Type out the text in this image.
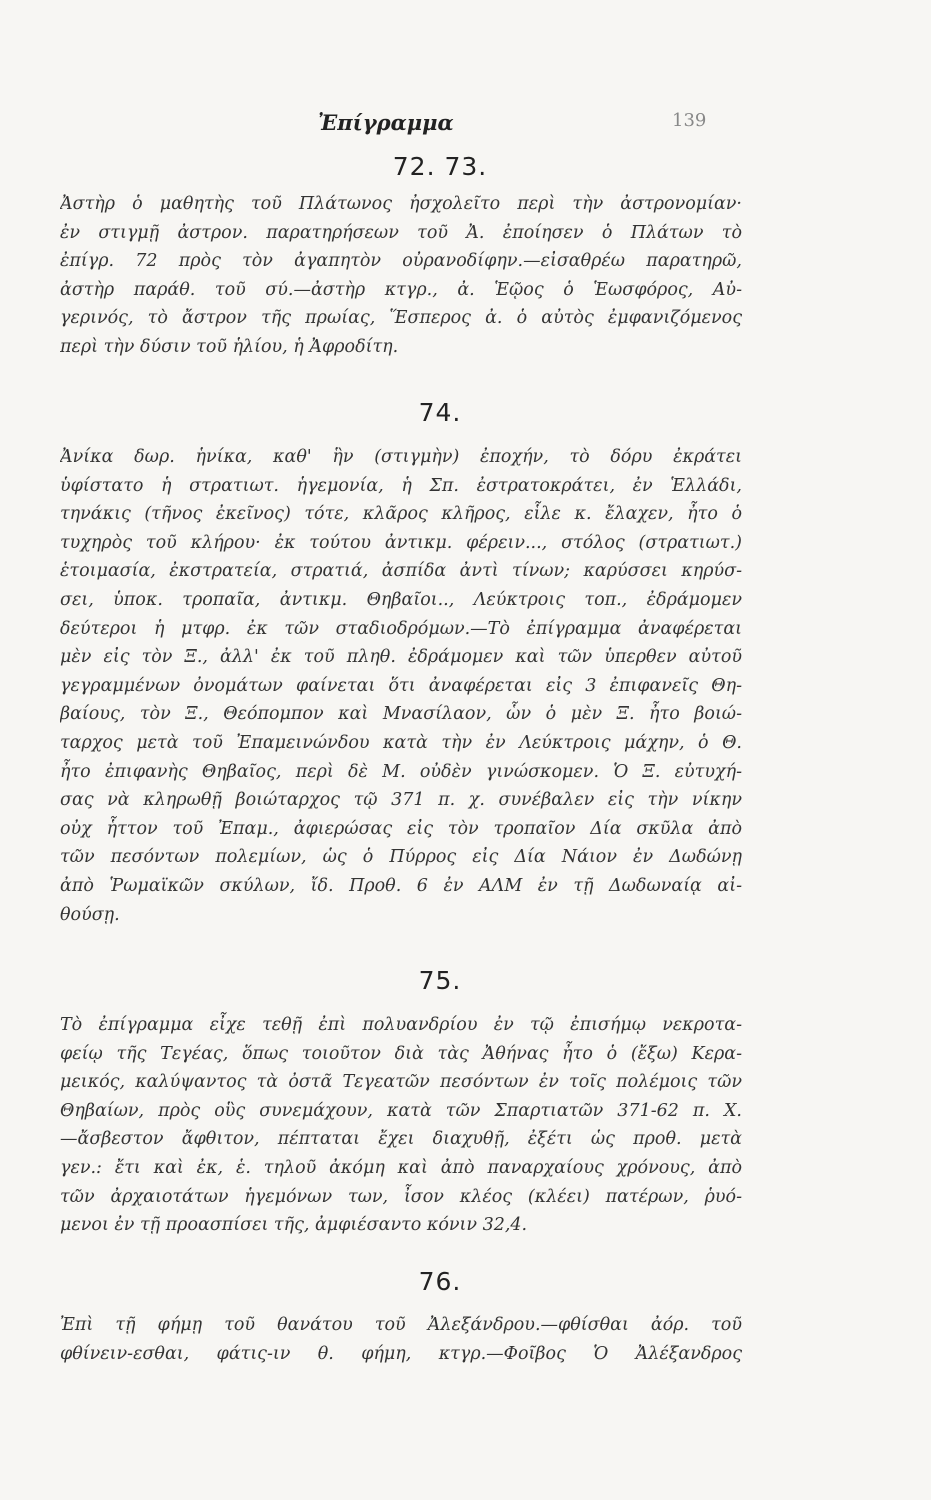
Ἐπίγραμμα	139
72. 73.
Ἀστὴρ ὁ μαθητὴς τοῦ Πλάτωνος ἠσχολεῖτο περὶ τὴν ἀστρονομίαν·
ἐν στιγμῇ ἀστρον. παρατηρήσεων τοῦ Ἀ. ἐποίησεν ὁ Πλάτων τὸ
ἐπίγρ. 72 πρὸς τὸν ἀγαπητὸν οὐρανοδίφην.—εἰσαθρέω παρατηρῶ,
ἀστὴρ παράθ. τοῦ σύ.—ἀστὴρ κτγρ., ἀ. Ἑῷος ὁ Ἑωσφόρος, Αὐ-
γερινός, τὸ ἄστρον τῆς πρωίας, Ἕσπερος ἀ. ὁ αὐτὸς ἐμφανιζόμενος
περὶ τὴν δύσιν τοῦ ἡλίου, ἡ Ἀφροδίτη.
74.
Ἀνίκα δωρ. ἡνίκα, καθ' ἣν (στιγμὴν) ἐποχήν, τὸ δόρυ ἐκράτει
ὑφίστατο ἡ στρατιωτ. ἡγεμονία, ἡ Σπ. ἐστρατοκράτει, ἐν Ἑλλάδι,
τηνάκις (τῆνος ἐκεῖνος) τότε, κλᾶρος κλῆρος, εἷλε κ. ἔλαχεν, ἦτο ὁ
τυχηρὸς τοῦ κλήρου· ἐκ τούτου ἀντικμ. φέρειν..., στόλος (στρατιωτ.)
ἑτοιμασία, ἐκστρατεία, στρατιά, ἀσπίδα ἀντὶ τίνων; καρύσσει κηρύσ-
σει, ὑποκ. τροπαῖα, ἀντικμ. Θηβαῖοι.., Λεύκτροις τοπ., ἐδράμομεν
δεύτεροι ἡ μτφρ. ἐκ τῶν σταδιοδρόμων.—Τὸ ἐπίγραμμα ἀναφέρεται
μὲν εἰς τὸν Ξ., ἀλλ' ἐκ τοῦ πληθ. ἐδράμομεν καὶ τῶν ὑπερθεν αὐτοῦ
γεγραμμένων ὀνομάτων φαίνεται ὅτι ἀναφέρεται εἰς 3 ἐπιφανεῖς Θη-
βαίους, τὸν Ξ., Θεόπομπον καὶ Μνασίλαον, ὧν ὁ μὲν Ξ. ἦτο βοιώ-
ταρχος μετὰ τοῦ Ἐπαμεινώνδου κατὰ τὴν ἐν Λεύκτροις μάχην, ὁ Θ.
ἦτο ἐπιφανὴς Θηβαῖος, περὶ δὲ Μ. οὐδὲν γινώσκομεν. Ὁ Ξ. εὐτυχή-
σας νὰ κληρωθῇ βοιώταρχος τῷ 371 π. χ. συνέβαλεν εἰς τὴν νίκην
οὐχ ἧττον τοῦ Ἐπαμ., ἀφιερώσας εἰς τὸν τροπαῖον Δία σκῦλα ἀπὸ
τῶν πεσόντων πολεμίων, ὡς ὁ Πύρρος εἰς Δία Νάιον ἐν Δωδώνῃ
ἀπὸ Ῥωμαϊκῶν σκύλων, ἴδ. Προθ. 6 ἐν ΑΛΜ ἐν τῇ Δωδωναίᾳ αἰ-
θούσῃ.
75.
Τὸ ἐπίγραμμα εἶχε τεθῇ ἐπὶ πολυανδρίου ἐν τῷ ἐπισήμῳ νεκροτα-
φείῳ τῆς Τεγέας, ὅπως τοιοῦτον διὰ τὰς Ἀθήνας ἦτο ὁ (ἔξω) Κερα-
μεικός, καλύψαντος τὰ ὀστᾶ Τεγεατῶν πεσόντων ἐν τοῖς πολέμοις τῶν
Θηβαίων, πρὸς οὓς συνεμάχουν, κατὰ τῶν Σπαρτιατῶν 371-62 π. Χ.
—ἄσβεστον ἄφθιτον, πέπταται ἔχει διαχυθῇ, ἐξέτι ὡς προθ. μετὰ
γεν.: ἔτι καὶ ἐκ, ἑ. τηλοῦ ἀκόμη καὶ ἀπὸ παναρχαίους χρόνους, ἀπὸ
τῶν ἀρχαιοτάτων ἡγεμόνων των, ἶσον κλέος (κλέει) πατέρων, ῥυό-
μενοι ἐν τῇ προασπίσει τῆς, ἀμφιέσαντο κόνιν 32,4.
76.
Ἐπὶ τῇ φήμῃ τοῦ θανάτου τοῦ Ἀλεξάνδρου.—φθίσθαι ἀόρ. τοῦ
φθίνειν-εσθαι, φάτις-ιν θ. φήμη, κτγρ.—Φοῖβος Ὁ Ἀλέξανδρος
